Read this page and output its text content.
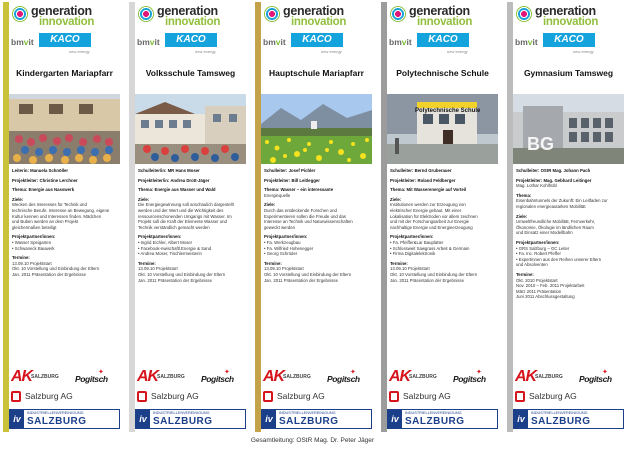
generation
innovation
bmvit	KACO
new energy
Kindergarten Mariapfarr
Leiterin: Manuela Schnöller
Projektleiter: Christine Lerchner
Thema: Energie aus Nasswerk
Ziele:
Wecken des Interesses für Technik und
technische Berufe. Interesse an Bewegung, eigene
Kultur kennen und Interessen finden. Mädchen
und Buben werden an dem Projekt
gleichermaßen beteiligt
Projektpartner/innen:
• Wasser Speigarten
• Schwaneck Bauwerk
Termine:
13.09.10 Projektstart
Okt. 10 Vorstellung und Einbindung der Eltern
Jan. 2011 Präsentation der Ergebnisse
AK
SALZBURG Pogitsch
✦
Salzburg AG
iv
INDUSTRIELLENVEREINIGUNG
SALZBURG
generation
innovation
bmvit	KACO
new energy
Volksschule Tamsweg
Schulleiter/in: MR Hans Moser
Projektleiter/in: Andrea Drott-Jäger
Thema: Energie aus Wasser und Wald
Ziele:
Die Energiegewinnung soll anschaulich dargestellt
werden und der Wert und die Wichtigkeit des
ressourcenschonenden Umgangs mit Wasser. Im
Projekt soll die Kraft der Elemente Wasser und
Technik verständlich gemacht werden
Projektpartner/innen:
• Ingrid Eichler, Albert Moser
• Facebook-nwischaftl.Energie & Sand
• Andrea Moser, Tischlermeisterin
Termine:
13.09.10 Projektstart
Okt. 10 Vorstellung und Einbindung der Eltern
Jan. 2011 Präsentation der Ergebnisse
AK
SALZBURG Pogitsch
✦
Salzburg AG
iv
INDUSTRIELLENVEREINIGUNG
SALZBURG
generation
innovation
bmvit	KACO
new energy
Hauptschule Mariapfarr
Schulleiter: Josef Pichler
Projektleiter: Bill Leitlegger
Thema: Wasser – ein interessante
Energiequelle
Ziele:
Durch das entdeckende Forschen und
Experimentieren sollen die Freude und das
Interesse an Technik und Naturwissenschaften
geweckt werden
Projektpartner/innen:
• Fa. Werkzeugbau
• Fa. Wilfried Hohenegger
• Georg Schröder
Termine:
13.09.10 Projektstart
Okt. 10 Vorstellung und Einbindung der Eltern
Jan. 2011 Präsentation der Ergebnisse
AK
SALZBURG Pogitsch
✦
Salzburg AG
iv
INDUSTRIELLENVEREINIGUNG
SALZBURG
generation
innovation
bmvit	KACO
new energy
Polytechnische Schule
Polytechnische Schule
Schulleiter: Bernd Gruberauer
Projektleiter: Roland Feldberger
Thema: Mit Wasserenergie auf Vorteil
Ziele:
Institutionen werden zur Erzeugung von
elektrischer Energie gebaut. Mit einer
Lokalisation für Elektroden vor allem zeichnen
und mit der Forschungsarbeit zur Energie
nachhaltige Energie und Energieerzeugung
Projektpartner/innen:
• Fa. Pfeiffer&Lar Bauplatter
• Schlossweit Sawgrass Arbeit & Germain
• Firma Digitalelektronik
Termine:
13.09.10 Projektstart
Okt. 10 Vorstellung und Einbindung der Eltern
Jan. 2011 Präsentation der Ergebnisse
AK
SALZBURG Pogitsch
✦
Salzburg AG
iv
INDUSTRIELLENVEREINIGUNG
SALZBURG
generation
innovation
bmvit	KACO
new energy
Gymnasium Tamsweg
BG
Schulleiter: OStR Mag. Johann Pach
Projektleiter: Mag. Gebhard Leitinger
Mag. Lothar Kohlhübl
Thema:
Eisenbahntunnels der Zukunft: Ein Leitfaden zur
regionalen energieautarken Mobilität
Ziele:
Umweltfreundliche Mobilität, Fernverkehr,
Ökonomie, Ökologie im ländlichen Raum
und Einsatz einer Modellbahn
Projektpartner/innen:
• GRS Salzburg – GC Leiter
• Fa. Inc. Robert Pfeffer
• Expertinnen aus den Reihen unserer Eltern
und Absolventen
Termine:
Okt. 2010 Projektstart
Nov. 2010 – Feb. 2011 Projektarbeit
März 2011 Präsentation
Juni 2011 Abschlussgestaltung
AK
SALZBURG Pogitsch
✦
Salzburg AG
iv
INDUSTRIELLENVEREINIGUNG
SALZBURG
Gesamtleitung: OStR Mag. Dr. Peter Jäger
